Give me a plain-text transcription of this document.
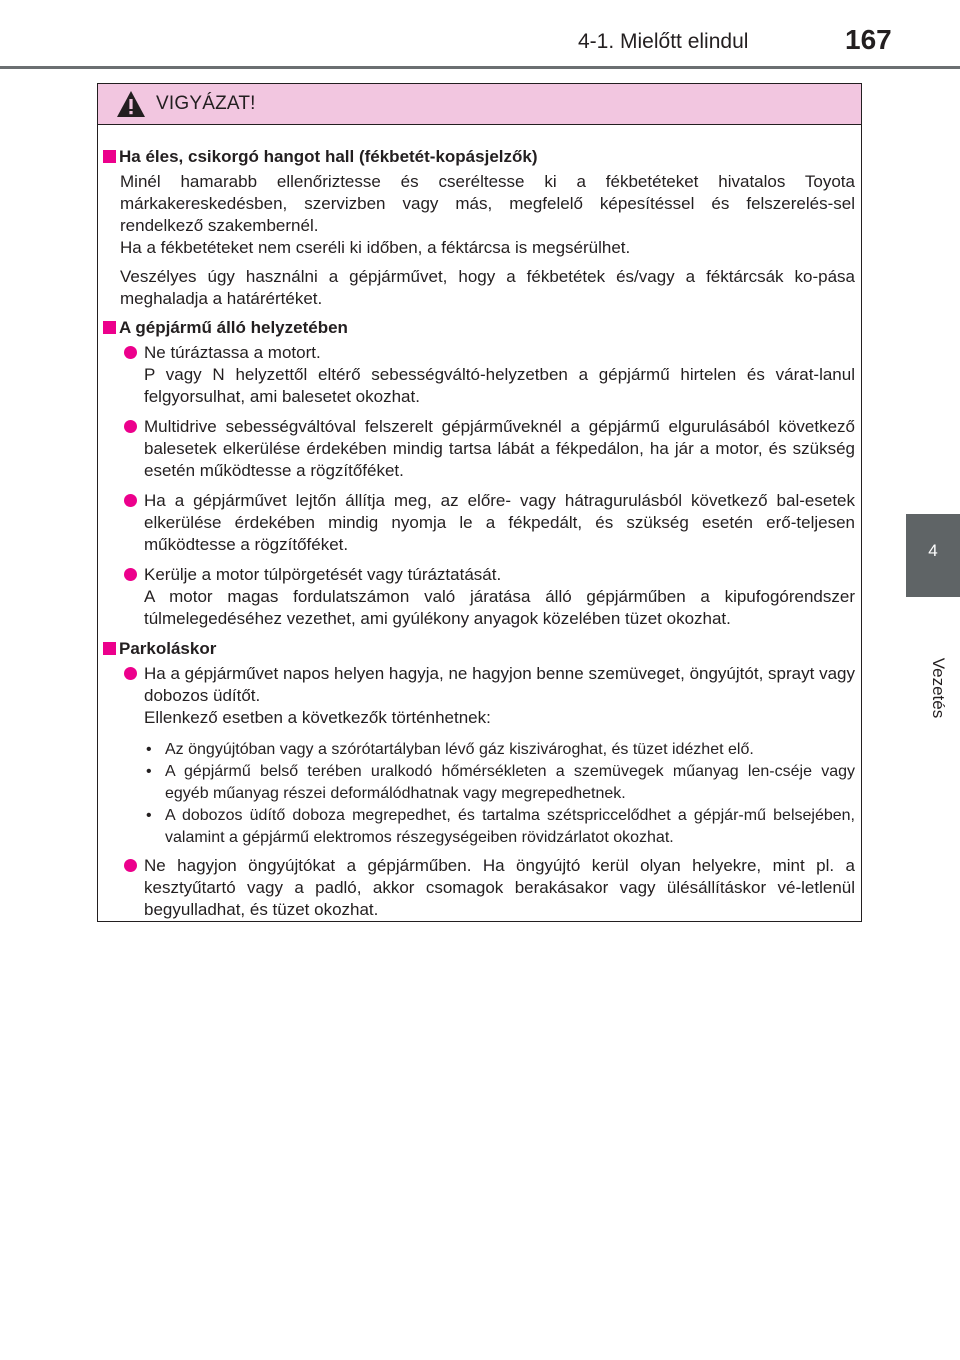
4-1. Mielőtt elindul	167
4
Vezetés
VIGYÁZAT!
Ha éles, csikorgó hangot hall (fékbetét-kopásjelzők)
Minél hamarabb ellenőriztesse és cseréltesse ki a fékbetéteket hivatalos Toyota márkakereskedésben, szervizben vagy más, megfelelő képesítéssel és felszerelés-sel rendelkező szakembernél.
Ha a fékbetéteket nem cseréli ki időben, a féktárcsa is megsérülhet.
Veszélyes úgy használni a gépjárművet, hogy a fékbetétek és/vagy a féktárcsák ko-pása meghaladja a határértéket.
A gépjármű álló helyzetében
Ne túráztassa a motort.
P vagy N helyzettől eltérő sebességváltó-helyzetben a gépjármű hirtelen és várat-lanul felgyorsulhat, ami balesetet okozhat.
Multidrive sebességváltóval felszerelt gépjárműveknél a gépjármű elgurulásából következő balesetek elkerülése érdekében mindig tartsa lábát a fékpedálon, ha jár a motor, és szükség esetén működtesse a rögzítőféket.
Ha a gépjárművet lejtőn állítja meg, az előre- vagy hátragurulásból következő bal-esetek elkerülése érdekében mindig nyomja le a fékpedált, és szükség esetén erő-teljesen működtesse a rögzítőféket.
Kerülje a motor túlpörgetését vagy túráztatását.
A motor magas fordulatszámon való járatása álló gépjárműben a kipufogórendszer túlmelegedéséhez vezethet, ami gyúlékony anyagok közelében tüzet okozhat.
Parkoláskor
Ha a gépjárművet napos helyen hagyja, ne hagyjon benne szemüveget, öngyújtót, sprayt vagy dobozos üdítőt.
Ellenkező esetben a következők történhetnek:

• Az öngyújtóban vagy a szórótartályban lévő gáz kiszivároghat, és tüzet idézhet elő.

• A gépjármű belső terében uralkodó hőmérsékleten a szemüvegek műanyag len-cséje vagy egyéb műanyag részei deformálódhatnak vagy megrepedhetnek.

• A dobozos üdítő doboza megrepedhet, és tartalma szétspriccelődhet a gépjár-mű belsejében, valamint a gépjármű elektromos részegységeiben rövidzárlatot okozhat.

Ne hagyjon öngyújtókat a gépjárműben. Ha öngyújtó kerül olyan helyekre, mint pl. a kesztyűtartó vagy a padló, akkor csomagok berakásakor vagy ülésállításkor vé-letlenül begyulladhat, és tüzet okozhat.
